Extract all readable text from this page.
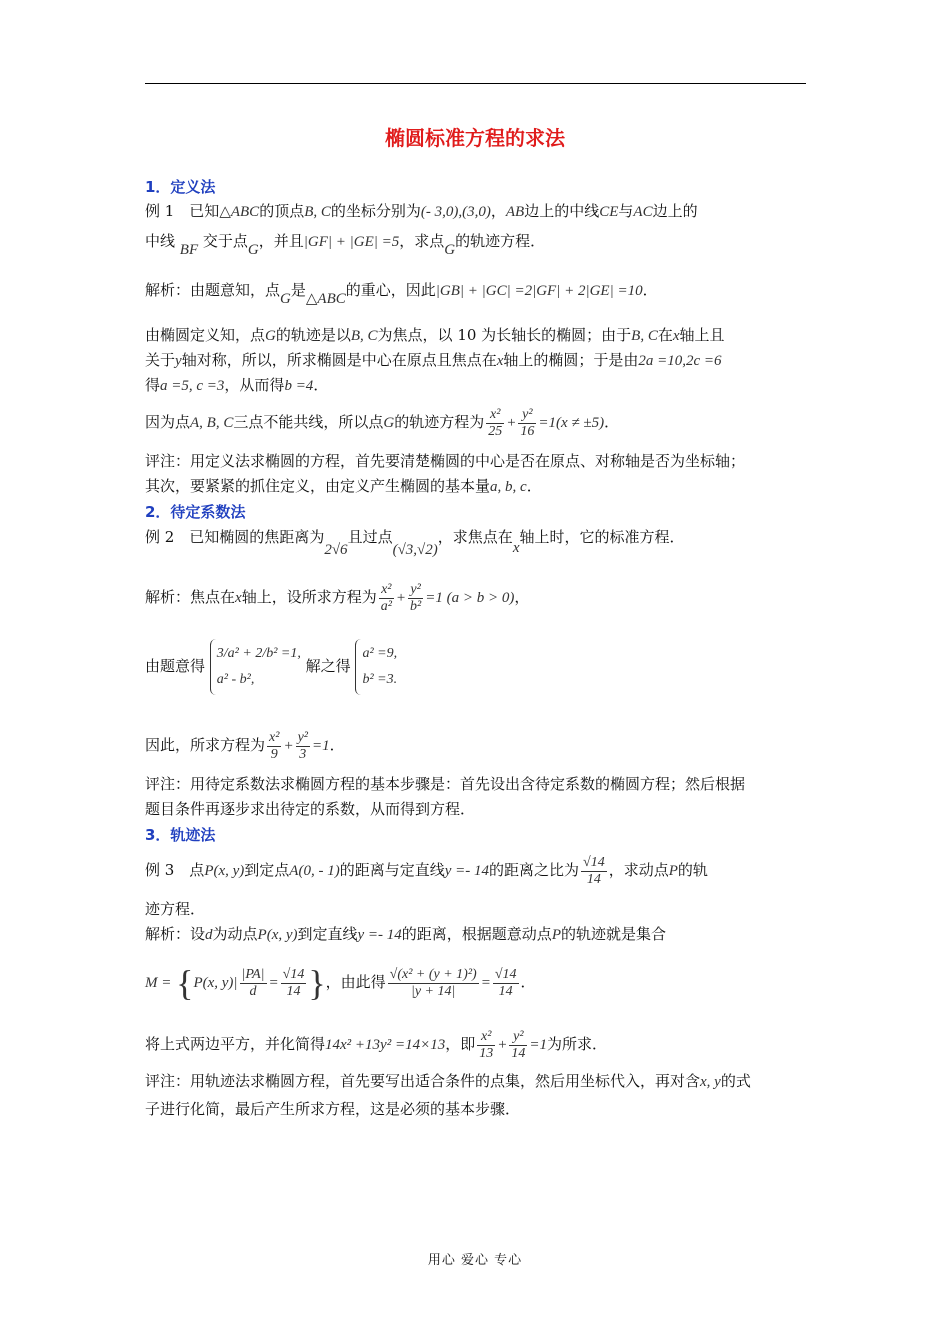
椭圆标准方程的求法
1．定义法
例 1　已知△ABC的顶点B, C的坐标分别为(- 3,0),(3,0)，AB边上的中线CE与AC边上的
中线 BF 交于点G，并且|GF| + |GE| =5，求点G的轨迹方程．
解析：由题意知，点G是△ABC的重心，因此|GB| + |GC| =2|GF| + 2|GE| =10．
由椭圆定义知，点G的轨迹是以B, C为焦点，以 10 为长轴长的椭圆；由于B, C在x轴上且
关于y轴对称，所以，所求椭圆是中心在原点且焦点在x轴上的椭圆；于是由2a =10,2c =6
得a =5, c =3，从而得b =4．
因为点A, B, C三点不能共线，所以点G的轨迹方程为 $\frac{\text{x²}}{25} + \frac{\text{y²}}{16} =1(x \ne \pm 5)$．
评注：用定义法求椭圆的方程，首先要清楚椭圆的中心是否在原点、对称轴是否为坐标轴；
其次，要紧紧的抓住定义，由定义产生椭圆的基本量a, b, c．
2．待定系数法
例 2　已知椭圆的焦距离为2√6且过点(√3,√2)，求焦点在x轴上时，它的标准方程．
解析：焦点在x轴上，设所求方程为 $\frac{\text{x²}}{\text{a²}} + \frac{\text{y²}}{\text{b²}} =1$ (a > b > 0)，
由题意得
3/a² + 2/b² =1,
a² - b²,
解之得
a² =9,
b² =3.
因此，所求方程为 $\frac{\text{x²}}{9} + \frac{\text{y²}}{3} =1$．
评注：用待定系数法求椭圆方程的基本步骤是：首先设出含待定系数的椭圆方程；然后根据
题目条件再逐步求出待定的系数，从而得到方程．
3．轨迹法
例 3　点P(x, y)到定点A(0, - 1)的距离与定直线y =- 14的距离之比为 $\frac{√14}{14}$ ，求动点P的轨
迹方程．
解析：设d为动点P(x, y)到定直线y =- 14的距离，根据题意动点P的轨迹就是集合
M = {P(x, $y)| \frac{|PA|}{d} = \frac{√14}{14}$ }，由此得 $\frac{\text{√(x² + (y + 1)²)}}{|y + 14|} = \frac{√14}{14}$ ．
将上式两边平方，并化简得14x² +13y² =14×13，即 $\frac{\text{x²}}{13} + \frac{\text{y²}}{14} =1$为所求．
评注：用轨迹法求椭圆方程，首先要写出适合条件的点集，然后用坐标代入，再对含x, y的式
子进行化简，最后产生所求方程，这是必须的基本步骤．
用心 爱心 专心
